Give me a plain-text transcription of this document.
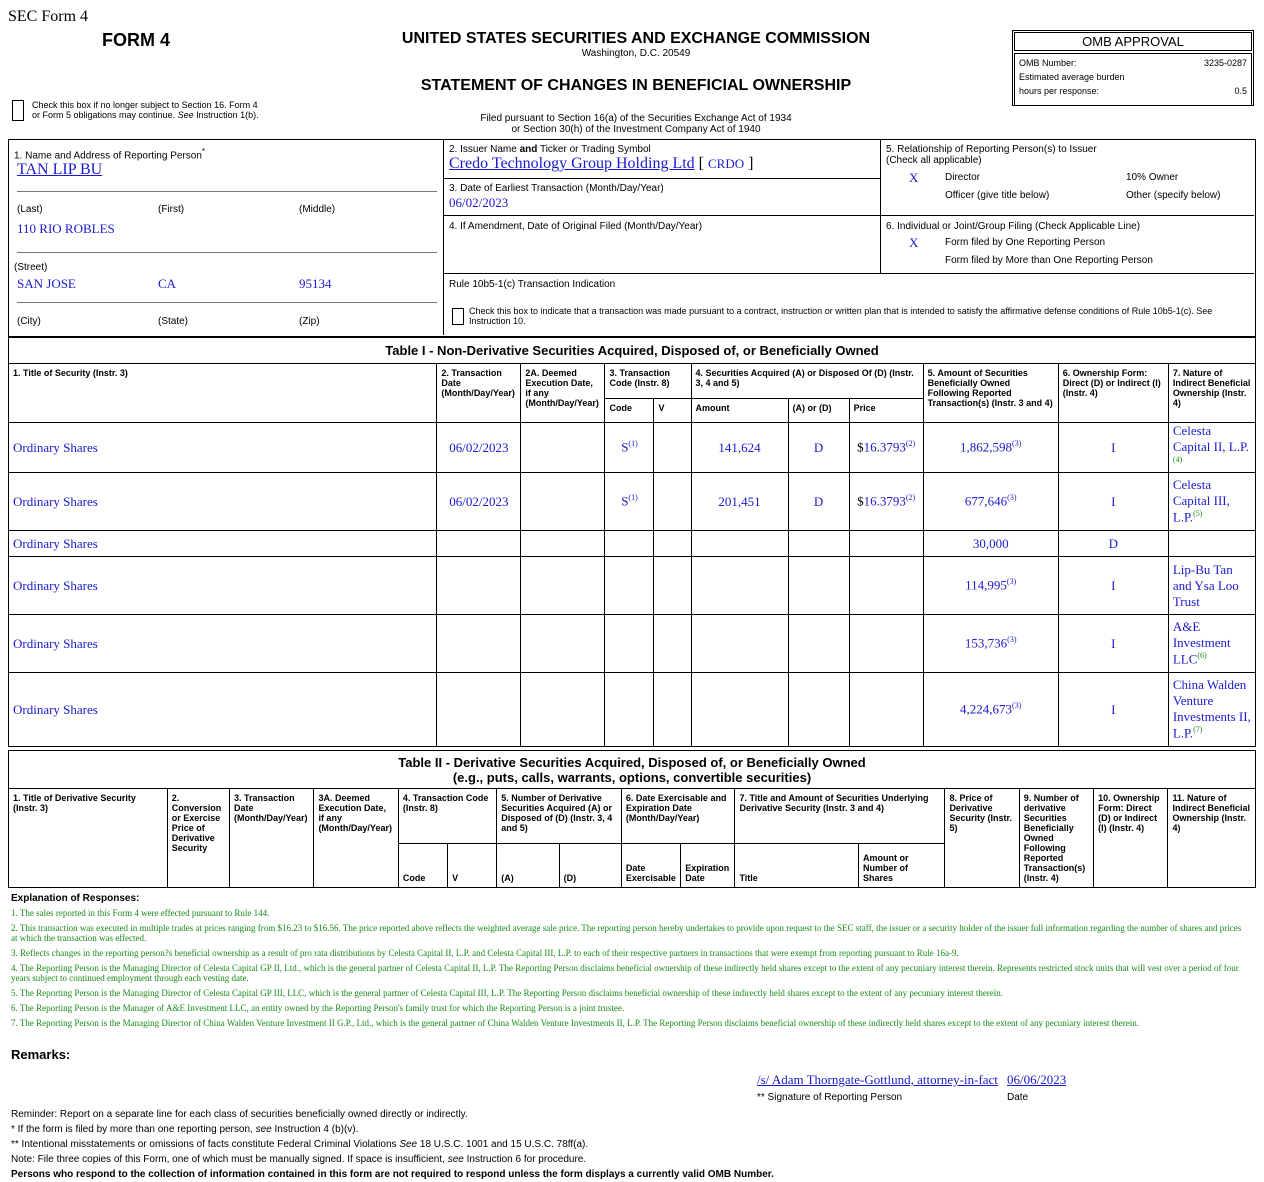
SEC Form 4
FORM 4	UNITED STATES SECURITIES AND EXCHANGE COMMISSION
Washington, D.C. 20549
STATEMENT OF CHANGES IN BENEFICIAL OWNERSHIP
Filed pursuant to Section 16(a) of the Securities Exchange Act of 1934
or Section 30(h) of the Investment Company Act of 1940
Check this box if no longer subject to Section 16. Form 4
or Form 5 obligations may continue. See Instruction 1(b).
OMB APPROVAL
OMB Number:	3235-0287
Estimated average burden
hours per response:	0.5
1. Name and Address of Reporting Person*
TAN LIP BU
(Last)	(First)	(Middle)
110 RIO ROBLES
(Street)
SAN JOSE	CA	95134
(City)	(State)	(Zip)
2. Issuer Name and Ticker or Trading Symbol
Credo Technology Group Holding Ltd [ CRDO ]
3. Date of Earliest Transaction (Month/Day/Year)
06/02/2023
4. If Amendment, Date of Original Filed (Month/Day/Year)
5. Relationship of Reporting Person(s) to Issuer
(Check all applicable)
X	Director	10% Owner
Officer (give title below)	Other (specify below)
6. Individual or Joint/Group Filing (Check Applicable Line)
X	Form filed by One Reporting Person
Form filed by More than One Reporting Person
Rule 10b5-1(c) Transaction Indication
Check this box to indicate that a transaction was made pursuant to a contract, instruction or written plan that is intended to satisfy the affirmative defense conditions of Rule 10b5-1(c). See Instruction 10.
Table I - Non-Derivative Securities Acquired, Disposed of, or Beneficially Owned										
1. Title of Security (Instr. 3)	2. Transaction Date (Month/Day/Year)	2A. Deemed Execution Date, if any (Month/Day/Year)	3. Transaction Code (Instr. 8)		4. Securities Acquired (A) or Disposed Of (D) (Instr. 3, 4 and 5)			5. Amount of Securities Beneficially Owned Following Reported Transaction(s) (Instr. 3 and 4)	6. Ownership Form: Direct (D) or Indirect (I) (Instr. 4)	7. Nature of Indirect Beneficial Ownership (Instr. 4)
			Code	V	Amount	(A) or (D)	Price			
Ordinary Shares	06/02/2023		$S^{(1)}$		141,624	D	$16.3793$^{(2)}$	1,862,598$^{(3)}$	I	Celesta Capital II, L.P.$^{(4)}$
Ordinary Shares	06/02/2023		$S^{(1)}$		201,451	D	$16.3793$^{(2)}$	677,646$^{(3)}$	I	Celesta Capital III, L.P.$^{(5)}$
Ordinary Shares								30,000	D	
Ordinary Shares								114,995$^{(3)}$	I	Lip-Bu Tan and Ysa Loo Trust
Ordinary Shares								153,736$^{(3)}$	I	A&E Investment LLC$^{(6)}$
Ordinary Shares								4,224,673$^{(3)}$	I	China Walden Venture Investments II, L.P.$^{(7)}$
Table II - Derivative Securities Acquired, Disposed of, or Beneficially Owned
(e.g., puts, calls, warrants, options, convertible securities)															

1. Title of Derivative Security (Instr. 3)	2. Conversion or Exercise Price of Derivative Security	3. Transaction Date (Month/Day/Year)	3A. Deemed Execution Date, if any (Month/Day/Year)	4. Transaction Code (Instr. 8)		5. Number of Derivative Securities Acquired (A) or Disposed of (D) (Instr. 3, 4 and 5)		6. Date Exercisable and Expiration Date (Month/Day/Year)		7. Title and Amount of Securities Underlying Derivative Security (Instr. 3 and 4)		8. Price of Derivative Security (Instr. 5)	9. Number of derivative Securities Beneficially Owned Following Reported Transaction(s) (Instr. 4)	10. Ownership Form: Direct (D) or Indirect (I) (Instr. 4)	11. Nature of Indirect Beneficial Ownership (Instr. 4)
				Code	V	(A)	(D)	Date Exercisable	Expiration Date	Title	Amount or Number of Shares				
Explanation of Responses:
1. The sales reported in this Form 4 were effected pursuant to Rule 144.
2. This transaction was executed in multiple trades at prices ranging from $16.23 to $16.56. The price reported above reflects the weighted average sale price. The reporting person hereby undertakes to provide upon request to the SEC staff, the issuer or a security holder of the issuer full information regarding the number of shares and prices at which the transaction was effected.
3. Reflects changes in the reporting person?s beneficial ownership as a result of pro rata distributions by Celesta Capital II, L.P. and Celesta Capital III, L.P. to each of their respective partners in transactions that were exempt from reporting pursuant to Rule 16a-9.
4. The Reporting Person is the Managing Director of Celesta Capital GP II, Ltd., which is the general partner of Celesta Capital II, L.P. The Reporting Person disclaims beneficial ownership of these indirectly held shares except to the extent of any pecuniary interest therein. Represents restricted stock units that will vest over a period of four years subject to continued employment through each vesting date.
5. The Reporting Person is the Managing Director of Celesta Capital GP III, LLC, which is the general partner of Celesta Capital III, L.P. The Reporting Person disclaims beneficial ownership of these indirectly held shares except to the extent of any pecuniary interest therein.
6. The Reporting Person is the Manager of A&E Investment LLC, an entity owned by the Reporting Person's family trust for which the Reporting Person is a joint trustee.
7. The Reporting Person is the Managing Director of China Walden Venture Investment II G.P., Ltd., which is the general partner of China Walden Venture Investments II, L.P. The Reporting Person disclaims beneficial ownership of these indirectly held shares except to the extent of any pecuniary interest therein.
Remarks:
/s/ Adam Thorngate-Gottlund, attorney-in-fact 06/06/2023
** Signature of Reporting Person	Date
Reminder: Report on a separate line for each class of securities beneficially owned directly or indirectly.
* If the form is filed by more than one reporting person, see Instruction 4 (b)(v).
** Intentional misstatements or omissions of facts constitute Federal Criminal Violations See 18 U.S.C. 1001 and 15 U.S.C. 78ff(a).
Note: File three copies of this Form, one of which must be manually signed. If space is insufficient, see Instruction 6 for procedure.
Persons who respond to the collection of information contained in this form are not required to respond unless the form displays a currently valid OMB Number.
